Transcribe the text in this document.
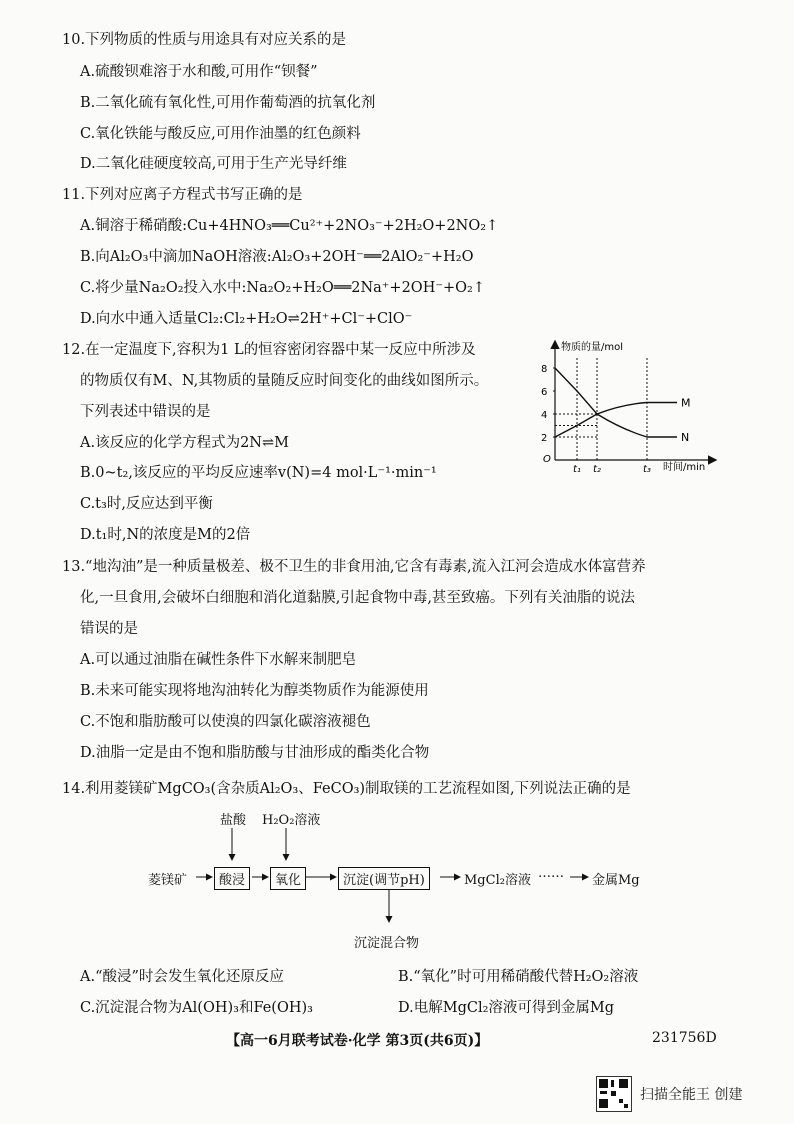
10.下列物质的性质与用途具有对应关系的是
A.硫酸钡难溶于水和酸,可用作“钡餐”
B.二氧化硫有氧化性,可用作葡萄酒的抗氧化剂
C.氧化铁能与酸反应,可用作油墨的红色颜料
D.二氧化硅硬度较高,可用于生产光导纤维
11.下列对应离子方程式书写正确的是
A.铜溶于稀硝酸:Cu+4HNO₃══Cu²⁺+2NO₃⁻+2H₂O+2NO₂↑
B.向Al₂O₃中滴加NaOH溶液:Al₂O₃+2OH⁻══2AlO₂⁻+H₂O
C.将少量Na₂O₂投入水中:Na₂O₂+H₂O══2Na⁺+2OH⁻+O₂↑
D.向水中通入适量Cl₂:Cl₂+H₂O⇌2H⁺+Cl⁻+ClO⁻
12.在一定温度下,容积为1 L的恒容密闭容器中某一反应中所涉及
的物质仅有M、N,其物质的量随反应时间变化的曲线如图所示。
下列表述中错误的是
A.该反应的化学方程式为2N⇌M
B.0~t₂,该反应的平均反应速率v(N)=4 mol·L⁻¹·min⁻¹
C.t₃时,反应达到平衡
D.t₁时,N的浓度是M的2倍
物质的量/mol
时间/min
O
2
4
6
8
t₁ t₂	t₃
M
N
13.“地沟油”是一种质量极差、极不卫生的非食用油,它含有毒素,流入江河会造成水体富营养
化,一旦食用,会破坏白细胞和消化道黏膜,引起食物中毒,甚至致癌。下列有关油脂的说法
错误的是
A.可以通过油脂在碱性条件下水解来制肥皂
B.未来可能实现将地沟油转化为醇类物质作为能源使用
C.不饱和脂肪酸可以使溴的四氯化碳溶液褪色
D.油脂一定是由不饱和脂肪酸与甘油形成的酯类化合物
14.利用菱镁矿MgCO₃(含杂质Al₂O₃、FeCO₃)制取镁的工艺流程如图,下列说法正确的是
盐酸 H₂O₂溶液
菱镁矿	酸浸	氧化	沉淀(调节pH)	MgCl₂溶液 …… 金属Mg
沉淀混合物
A.“酸浸”时会发生氧化还原反应	B.“氧化”时可用稀硝酸代替H₂O₂溶液
C.沉淀混合物为Al(OH)₃和Fe(OH)₃	D.电解MgCl₂溶液可得到金属Mg
【高一6月联考试卷·化学 第3页(共6页)】	231756D
扫描全能王 创建
